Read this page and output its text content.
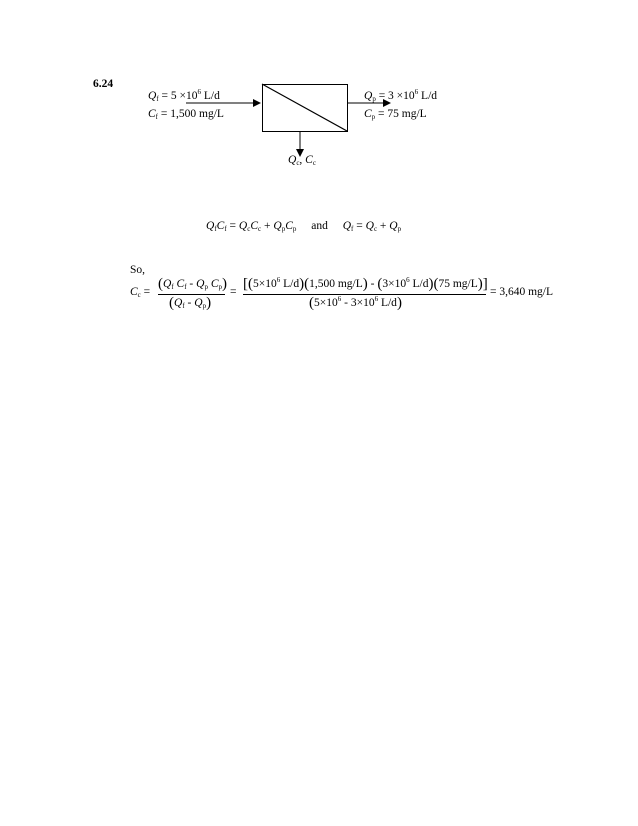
6.24
$Q_f = 5 \times 10^6$ L/d
$C_f = 1,500$ mg/L
$Q_p = 3 \times 10^6$ L/d
$C_p = 75$ mg/L
$Q_c$, $C_c$
$Q_fC_f = Q_cC_c + Q_pC_p$ and $Q_f = Q_c + Q_p$
So,
$C_c = (Q_f$ $C_f - Q_p$ $C_p$)
$(Q_f - Q_p)$
= [($5\times 10^6$ L/d)(1,500 $mg/L) - (3\times 10^6$ L/d)(75 mg/L)]
($5\times 10^6 - 3\times 10^6$ L/d)
= 3,640 mg/L
